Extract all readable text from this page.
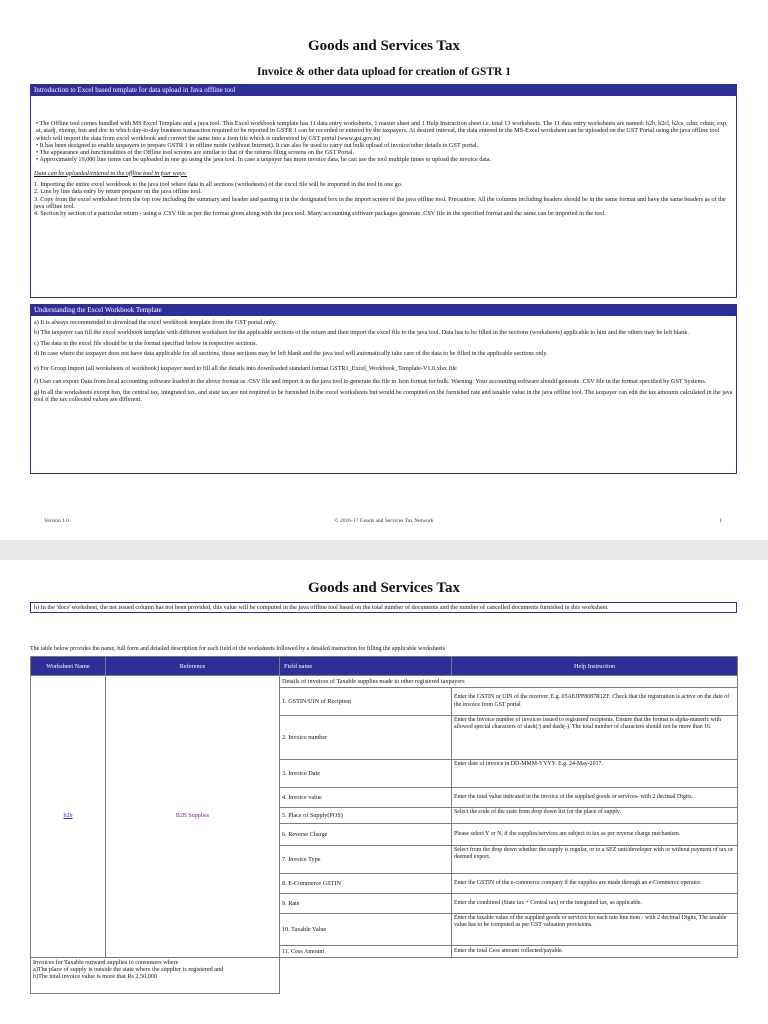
Goods and Services Tax
Invoice & other data upload for creation of GSTR 1
Introduction to Excel based template for data upload in Java offline tool

• The Offline tool comes bundled with MS Excel Template and a java tool. This Excel workbook template has 11 data entry worksheets, 1 master sheet and 1 Help Instruction sheet i.e. total 13 worksheets. The 11 data entry worksheets are named: b2b, b2cl, b2cs, cdnr, cdnur, exp, at, atadj, exemp, hsn and doc in which day-to-day business transaction required to be reported in GSTR 1 can be recorded or entered by the taxpayers. At desired interval, the data entered in the MS-Excel worksheet can be uploaded on the GST Portal using the java offline tool which will import the data from excel workbook and convert the same into a Json file which is understood by GST portal (www.gst.gov.in)

• It has been designed to enable taxpayers to prepare GSTR 1 in offline mode (without Internet). It can also be used to carry out bulk upload of invoice/other details to GST portal.

• The appearance and functionalities of the Offline tool screens are similar to that of the returns filing screens on the GST Portal.

• Approximately 19,000 line items can be uploaded in one go using the java tool. In case a taxpayer has more invoice data, he can use the tool multiple times to upload the invoice data.

Data can be uploaded/entered to the offline tool in four ways:

1. Importing the entire excel workbook to the java tool where data in all sections (worksheets) of the excel file will be imported in the tool in one go.

2. Line by line data entry by return preparer on the java offline tool.

3. Copy from the excel worksheet from the top row including the summary and header and pasting it in the designated box in the import screen of the java offline tool. Precaution: All the columns including headers should be in the same format and have the same headers as of the java offline tool.

4. Section by section of a particular return - using a .CSV file as per the format given along with the java tool. Many accounting software packages generate .CSV file in the specified format and the same can be imported in the tool.

Understanding the Excel Workbook Template

a) It is always recommended to download the excel workbook template from the GST portal only.

b) The taxpayer can fill the excel workbook template with different worksheet for the applicable sections of the return and then import the excel file to the java tool. Data has to be filled in the sections (worksheets) applicable to him and the others may be left blank.

c) The data in the excel file should be in the format specified below in respective sections.

d) In case where the taxpayer does not have data applicable for all sections, those sections may be left blank and the java tool will automatically take care of the data to be filled in the applicable sections only.

e) For Group import (all worksheets of workbook) taxpayer need to fill all the details into downloaded standard format GSTR1_Excel_Workbook_Template-V1.0.xlsx file

f) User can export Data from local accounting software loaded in the above format as .CSV file and import it in the java tool to generate the file in Json format for bulk. Warning: Your accounting software should generate .CSV file in the format specified by GST Systems.

g) In all the worksheets except hsn, the central tax, integrated tax, and state tax are not required to be furnished in the excel worksheets but would be computed on the furnished rate and taxable value in the java offline tool. The taxpayer can edit the tax amounts calculated in the java tool if the tax collected values are different.

Version 1.0	© 2016-17 Goods and Services Tax Network	1
Goods and Services Tax
h) In the 'docs' worksheet, the net issued column has not been provided, this value will be computed in the java offline tool based on the total number of documents and the number of cancelled documents furnished in this worksheet.
The table below provides the name, full form and detailed description for each field of the worksheets followed by a detailed instruction for filling the applicable worksheets
Worksheet Name	Reference	Field name	Help Instruction
b2b	B2B Supplies	Details of invoices of Taxable supplies made to other registered taxpayers	
		1. GSTIN/UIN of Recipient	Enter the GSTIN or UIN of the receiver. E.g. 05AEJPP8087R1ZF. Check that the registration is active on the date of the invoice from GST portal
		2. Invoice number	Enter the Invoice number of invoices issued to registered recipients. Ensure that the format is alpha-numeric with allowed special characters of slash(/) and dash(-). The total number of characters should not be more than 16.
		3. Invoice Date	Enter date of invoice in DD-MMM-YYYY. E.g. 24-May-2017.
		4. Invoice value	Enter the total value indicated in the invoice of the supplied goods or services- with 2 decimal Digits.
		5. Place of Supply(POS)	Select the code of the state from drop down list for the place of supply.
		6. Reverse Charge	Please select Y or N, if the supplies/services are subject to tax as per reverse charge mechanism.
		7. Invoice Type	Select from the drop down whether the supply is regular, or to a SEZ unit/developer with or without payment of tax or deemed export.
		8. E-Commerce GSTIN	Enter the GSTIN of the e-commerce company if the supplies are made through an e-Commerce operator.
		9. Rate	Enter the combined (State tax + Central tax) or the integrated tax, as applicable.
		10. Taxable Value	Enter the taxable value of the supplied goods or services for each rate line item - with 2 decimal Digits, The taxable value has to be computed as per GST valuation provisions.
		11. Cess Amount	Enter the total Cess amount collected/payable.

Invoices for Taxable outward supplies to consumers where
a)The place of supply is outside the state where the supplier is registered and
b)The total invoice value is more that Rs 2,50,000			
